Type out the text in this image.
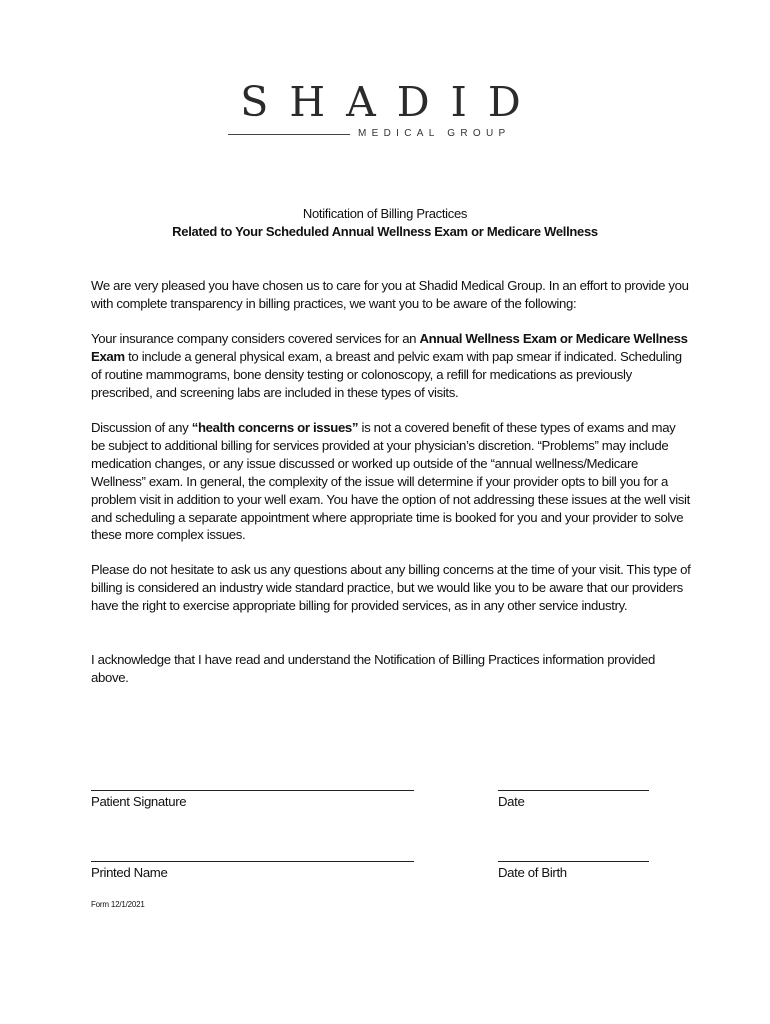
SHADID
MEDICAL GROUP
Notification of Billing Practices
Related to Your Scheduled Annual Wellness Exam or Medicare Wellness

We are very pleased you have chosen us to care for you at Shadid Medical Group. In an effort to provide you with complete transparency in billing practices, we want you to be aware of the following:

Your insurance company considers covered services for an Annual Wellness Exam or Medicare Wellness Exam to include a general physical exam, a breast and pelvic exam with pap smear if indicated. Scheduling of routine mammograms, bone density testing or colonoscopy, a refill for medications as previously prescribed, and screening labs are included in these types of visits.

Discussion of any “health concerns or issues” is not a covered benefit of these types of exams and may be subject to additional billing for services provided at your physician’s discretion. “Problems” may include medication changes, or any issue discussed or worked up outside of the “annual wellness/Medicare Wellness” exam. In general, the complexity of the issue will determine if your provider opts to bill you for a problem visit in addition to your well exam. You have the option of not addressing these issues at the well visit and scheduling a separate appointment where appropriate time is booked for you and your provider to solve these more complex issues.

Please do not hesitate to ask us any questions about any billing concerns at the time of your visit. This type of billing is considered an industry wide standard practice, but we would like you to be aware that our providers have the right to exercise appropriate billing for provided services, as in any other service industry.

I acknowledge that I have read and understand the Notification of Billing Practices information provided above.

Patient Signature	Date
Printed Name	Date of Birth
Form 12/1/2021
